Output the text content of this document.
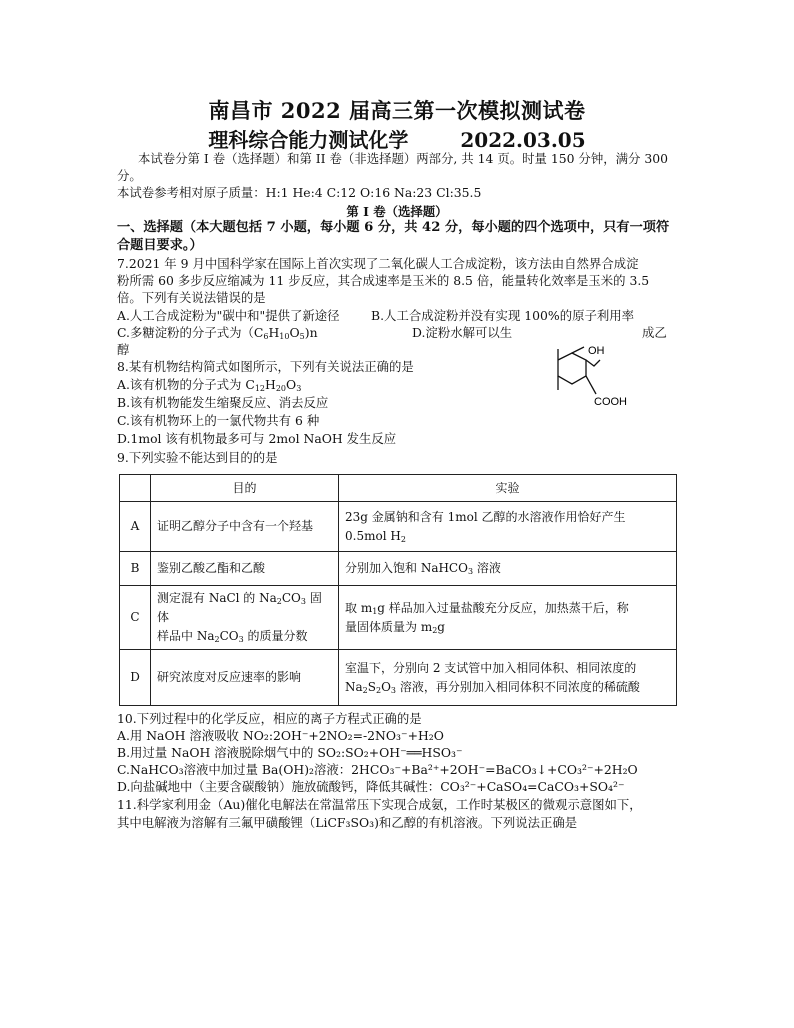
南昌市 2022 届高三第一次模拟测试卷
理科综合能力测试化学	2022.03.05
本试卷分第 I 卷（选择题）和第 II 卷（非选择题）两部分, 共 14 页。时量 150 分钟，满分 300
分。
本试卷参考相对原子质量：H:1 He:4 C:12 O:16 Na:23 Cl:35.5
第 I 卷（选择题）
一、选择题（本大题包括 7 小题，每小题 6 分，共 42 分，每小题的四个选项中，只有一项符
合题目要求。）
7.2021 年 9 月中国科学家在国际上首次实现了二氧化碳人工合成淀粉，该方法由自然界合成淀
粉所需 60 多步反应缩减为 11 步反应，其合成速率是玉米的 8.5 倍，能量转化效率是玉米的 3.5
倍。下列有关说法错误的是
A.人工合成淀粉为"碳中和"提供了新途径	B.人工合成淀粉并没有实现 100%的原子利用率
C.多糖淀粉的分子式为$(C_6H_{10}O_5)n$	D.淀粉水解可以生	成乙
醇
8.某有机物结构简式如图所示，下列有关说法正确的是
A.该有机物的分子式为 $C_{12}H_{20}O_3$
B.该有机物能发生缩聚反应、消去反应
C.该有机物环上的一氯代物共有 6 种
D.1mol 该有机物最多可与 2mol NaOH 发生反应
OH
COOH
9.下列实验不能达到目的的是
	目的	实验
A	证明乙醇分子中含有一个羟基	23g 金属钠和含有 1mol 乙醇的水溶液作用恰好产生
0.5mol $H_2$
B	鉴别乙酸乙酯和乙酸	分别加入饱和 NaHCO$_3$ 溶液
C	测定混有 NaCl 的 $Na_2CO_3$ 固体
样品中 $Na_2CO_3$ 的质量分数	取 $m_1g$ 样品加入过量盐酸充分反应，加热蒸干后，称
量固体质量为 $m_2g$
D	研究浓度对反应速率的影响	室温下，分别向 2 支试管中加入相同体积、相同浓度的
$Na_2S_2O_3$ 溶液，再分别加入相同体积不同浓度的稀硫酸
10.下列过程中的化学反应，相应的离子方程式正确的是
A.用 NaOH 溶液吸收 NO₂:2OH⁻+2NO₂=-2NO₃⁻+H₂O
B.用过量 NaOH 溶液脱除烟气中的 SO₂:SO₂+OH⁻══HSO₃⁻
C.NaHCO₃溶液中加过量 Ba(OH)₂溶液：2HCO₃⁻+Ba²⁺+2OH⁻=BaCO₃↓+CO₃²⁻+2H₂O
D.向盐碱地中（主要含碳酸钠）施放硫酸钙，降低其碱性：CO₃²⁻+CaSO₄=CaCO₃+SO₄²⁻
11.科学家利用金（Au)催化电解法在常温常压下实现合成氨，工作时某极区的微观示意图如下，
其中电解液为溶解有三氟甲磺酸锂（LiCF₃SO₃)和乙醇的有机溶液。下列说法正确是
